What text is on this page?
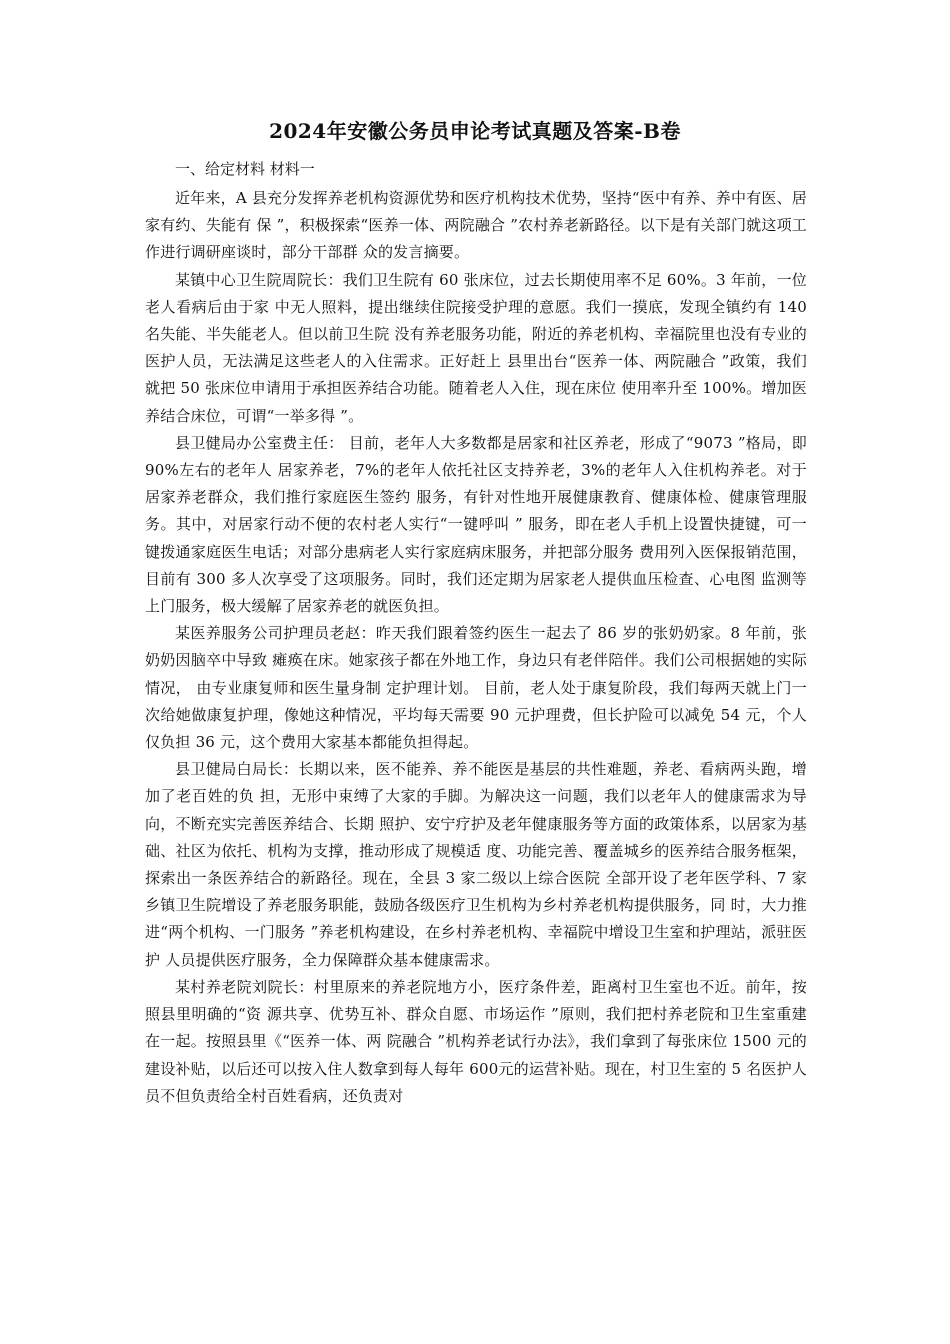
2024年安徽公务员申论考试真题及答案-B卷

一、给定材料 材料一

近年来，A 县充分发挥养老机构资源优势和医疗机构技术优势，坚持“医中有养、养中有医、居家有约、失能有 保 ”，积极探索“医养一体、两院融合 ”农村养老新路径。以下是有关部门就这项工作进行调研座谈时，部分干部群 众的发言摘要。

某镇中心卫生院周院长：我们卫生院有 60 张床位，过去长期使用率不足 60%。3 年前，一位老人看病后由于家 中无人照料，提出继续住院接受护理的意愿。我们一摸底，发现全镇约有 140 名失能、半失能老人。但以前卫生院 没有养老服务功能，附近的养老机构、幸福院里也没有专业的医护人员，无法满足这些老人的入住需求。正好赶上 县里出台“医养一体、两院融合 ”政策，我们就把 50 张床位申请用于承担医养结合功能。随着老人入住，现在床位 使用率升至 100%。增加医养结合床位，可谓“一举多得 ”。

县卫健局办公室费主任： 目前，老年人大多数都是居家和社区养老，形成了“9073 ”格局，即 90%左右的老年人 居家养老，7%的老年人依托社区支持养老，3%的老年人入住机构养老。对于居家养老群众，我们推行家庭医生签约 服务，有针对性地开展健康教育、健康体检、健康管理服务。其中，对居家行动不便的农村老人实行“一键呼叫 ” 服务，即在老人手机上设置快捷键，可一键拨通家庭医生电话；对部分患病老人实行家庭病床服务，并把部分服务 费用列入医保报销范围， 目前有 300 多人次享受了这项服务。同时，我们还定期为居家老人提供血压检查、心电图 监测等上门服务，极大缓解了居家养老的就医负担。

某医养服务公司护理员老赵：昨天我们跟着签约医生一起去了 86 岁的张奶奶家。8 年前，张奶奶因脑卒中导致 瘫痪在床。她家孩子都在外地工作，身边只有老伴陪伴。我们公司根据她的实际情况， 由专业康复师和医生量身制 定护理计划。 目前，老人处于康复阶段，我们每两天就上门一次给她做康复护理，像她这种情况，平均每天需要 90 元护理费，但长护险可以减免 54 元，个人仅负担 36 元，这个费用大家基本都能负担得起。

县卫健局白局长：长期以来，医不能养、养不能医是基层的共性难题，养老、看病两头跑，增加了老百姓的负 担，无形中束缚了大家的手脚。为解决这一问题，我们以老年人的健康需求为导向，不断充实完善医养结合、长期 照护、安宁疗护及老年健康服务等方面的政策体系，以居家为基础、社区为依托、机构为支撑，推动形成了规模适 度、功能完善、覆盖城乡的医养结合服务框架，探索出一条医养结合的新路径。现在，全县 3 家二级以上综合医院 全部开设了老年医学科、7 家乡镇卫生院增设了养老服务职能，鼓励各级医疗卫生机构为乡村养老机构提供服务，同 时，大力推进“两个机构、一门服务 ”养老机构建设，在乡村养老机构、幸福院中增设卫生室和护理站，派驻医护 人员提供医疗服务，全力保障群众基本健康需求。

某村养老院刘院长：村里原来的养老院地方小，医疗条件差，距离村卫生室也不近。前年，按照县里明确的“资 源共享、优势互补、群众自愿、市场运作 ”原则，我们把村养老院和卫生室重建在一起。按照县里《“医养一体、两 院融合 ”机构养老试行办法》，我们拿到了每张床位 1500 元的建设补贴，以后还可以按入住人数拿到每人每年 600元的运营补贴。现在，村卫生室的 5 名医护人员不但负责给全村百姓看病，还负责对
